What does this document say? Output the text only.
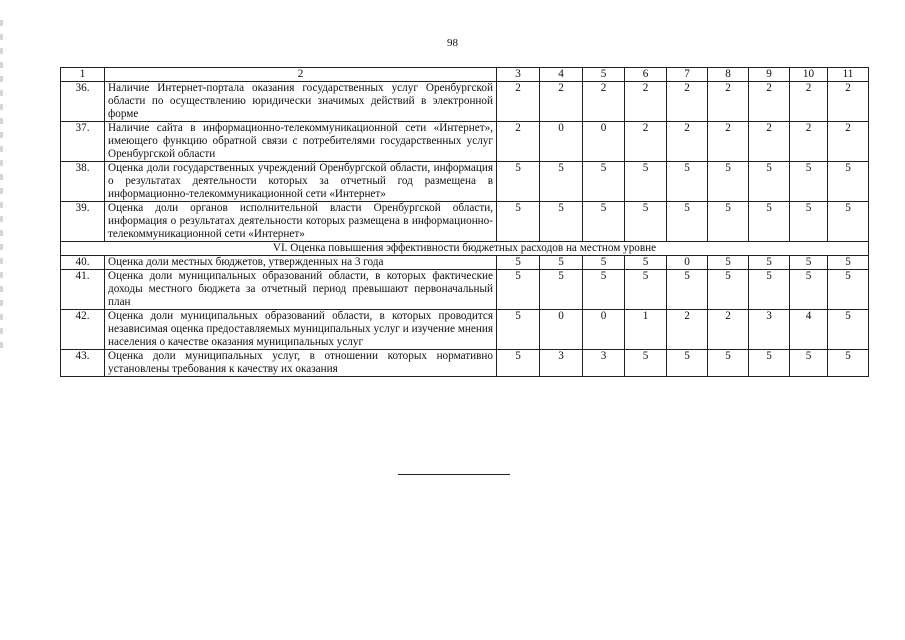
98
1	2	3	4	5	6	7	8	9	10	11
36.	Наличие Интернет-портала оказания государственных услуг Оренбургской области по осуществлению юридически значимых действий в электронной форме	2	2	2	2	2	2	2	2	2
37.	Наличие сайта в информационно-телекоммуникационной сети «Интернет», имеющего функцию обратной связи с потребителями государственных услуг Оренбургской области	2	0	0	2	2	2	2	2	2
38.	Оценка доли государственных учреждений Оренбургской области, информация о результатах деятельности которых за отчетный год размещена в информационно-телекоммуникационной сети «Интернет»	5	5	5	5	5	5	5	5	5
39.	Оценка доли органов исполнительной власти Оренбургской области, информация о результатах деятельности которых размещена в информационно-телекоммуникационной сети «Интернет»	5	5	5	5	5	5	5	5	5
VI. Оценка повышения эффективности бюджетных расходов на местном уровне										
40.	Оценка доли местных бюджетов, утвержденных на 3 года	5	5	5	5	0	5	5	5	5
41.	Оценка доли муниципальных образований области, в которых фактические доходы местного бюджета за отчетный период превышают первоначальный план	5	5	5	5	5	5	5	5	5
42.	Оценка доли муниципальных образований области, в которых проводится независимая оценка предоставляемых муниципальных услуг и изучение мнения населения о качестве оказания муниципальных услуг	5	0	0	1	2	2	3	4	5
43.	Оценка доли муниципальных услуг, в отношении которых нормативно установлены требования к качеству их оказания	5	3	3	5	5	5	5	5	5
